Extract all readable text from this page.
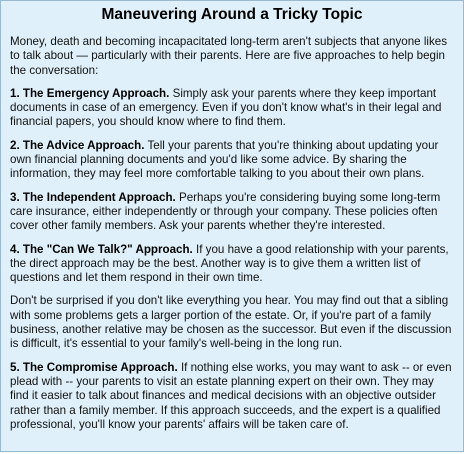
Maneuvering Around a Tricky Topic

Money, death and becoming incapacitated long-term aren't subjects that anyone likes to talk about — particularly with their parents. Here are five approaches to help begin the conversation:

1. The Emergency Approach. Simply ask your parents where they keep important documents in case of an emergency. Even if you don't know what's in their legal and financial papers, you should know where to find them.

2. The Advice Approach. Tell your parents that you're thinking about updating your own financial planning documents and you'd like some advice. By sharing the information, they may feel more comfortable talking to you about their own plans.

3. The Independent Approach. Perhaps you're considering buying some long-term care insurance, either independently or through your company. These policies often cover other family members. Ask your parents whether they're interested.

4. The "Can We Talk?" Approach. If you have a good relationship with your parents, the direct approach may be the best. Another way is to give them a written list of questions and let them respond in their own time.

Don't be surprised if you don't like everything you hear. You may find out that a sibling with some problems gets a larger portion of the estate. Or, if you're part of a family business, another relative may be chosen as the successor. But even if the discussion is difficult, it's essential to your family's well-being in the long run.

5. The Compromise Approach. If nothing else works, you may want to ask -- or even plead with -- your parents to visit an estate planning expert on their own. They may find it easier to talk about finances and medical decisions with an objective outsider rather than a family member. If this approach succeeds, and the expert is a qualified professional, you'll know your parents' affairs will be taken care of.
